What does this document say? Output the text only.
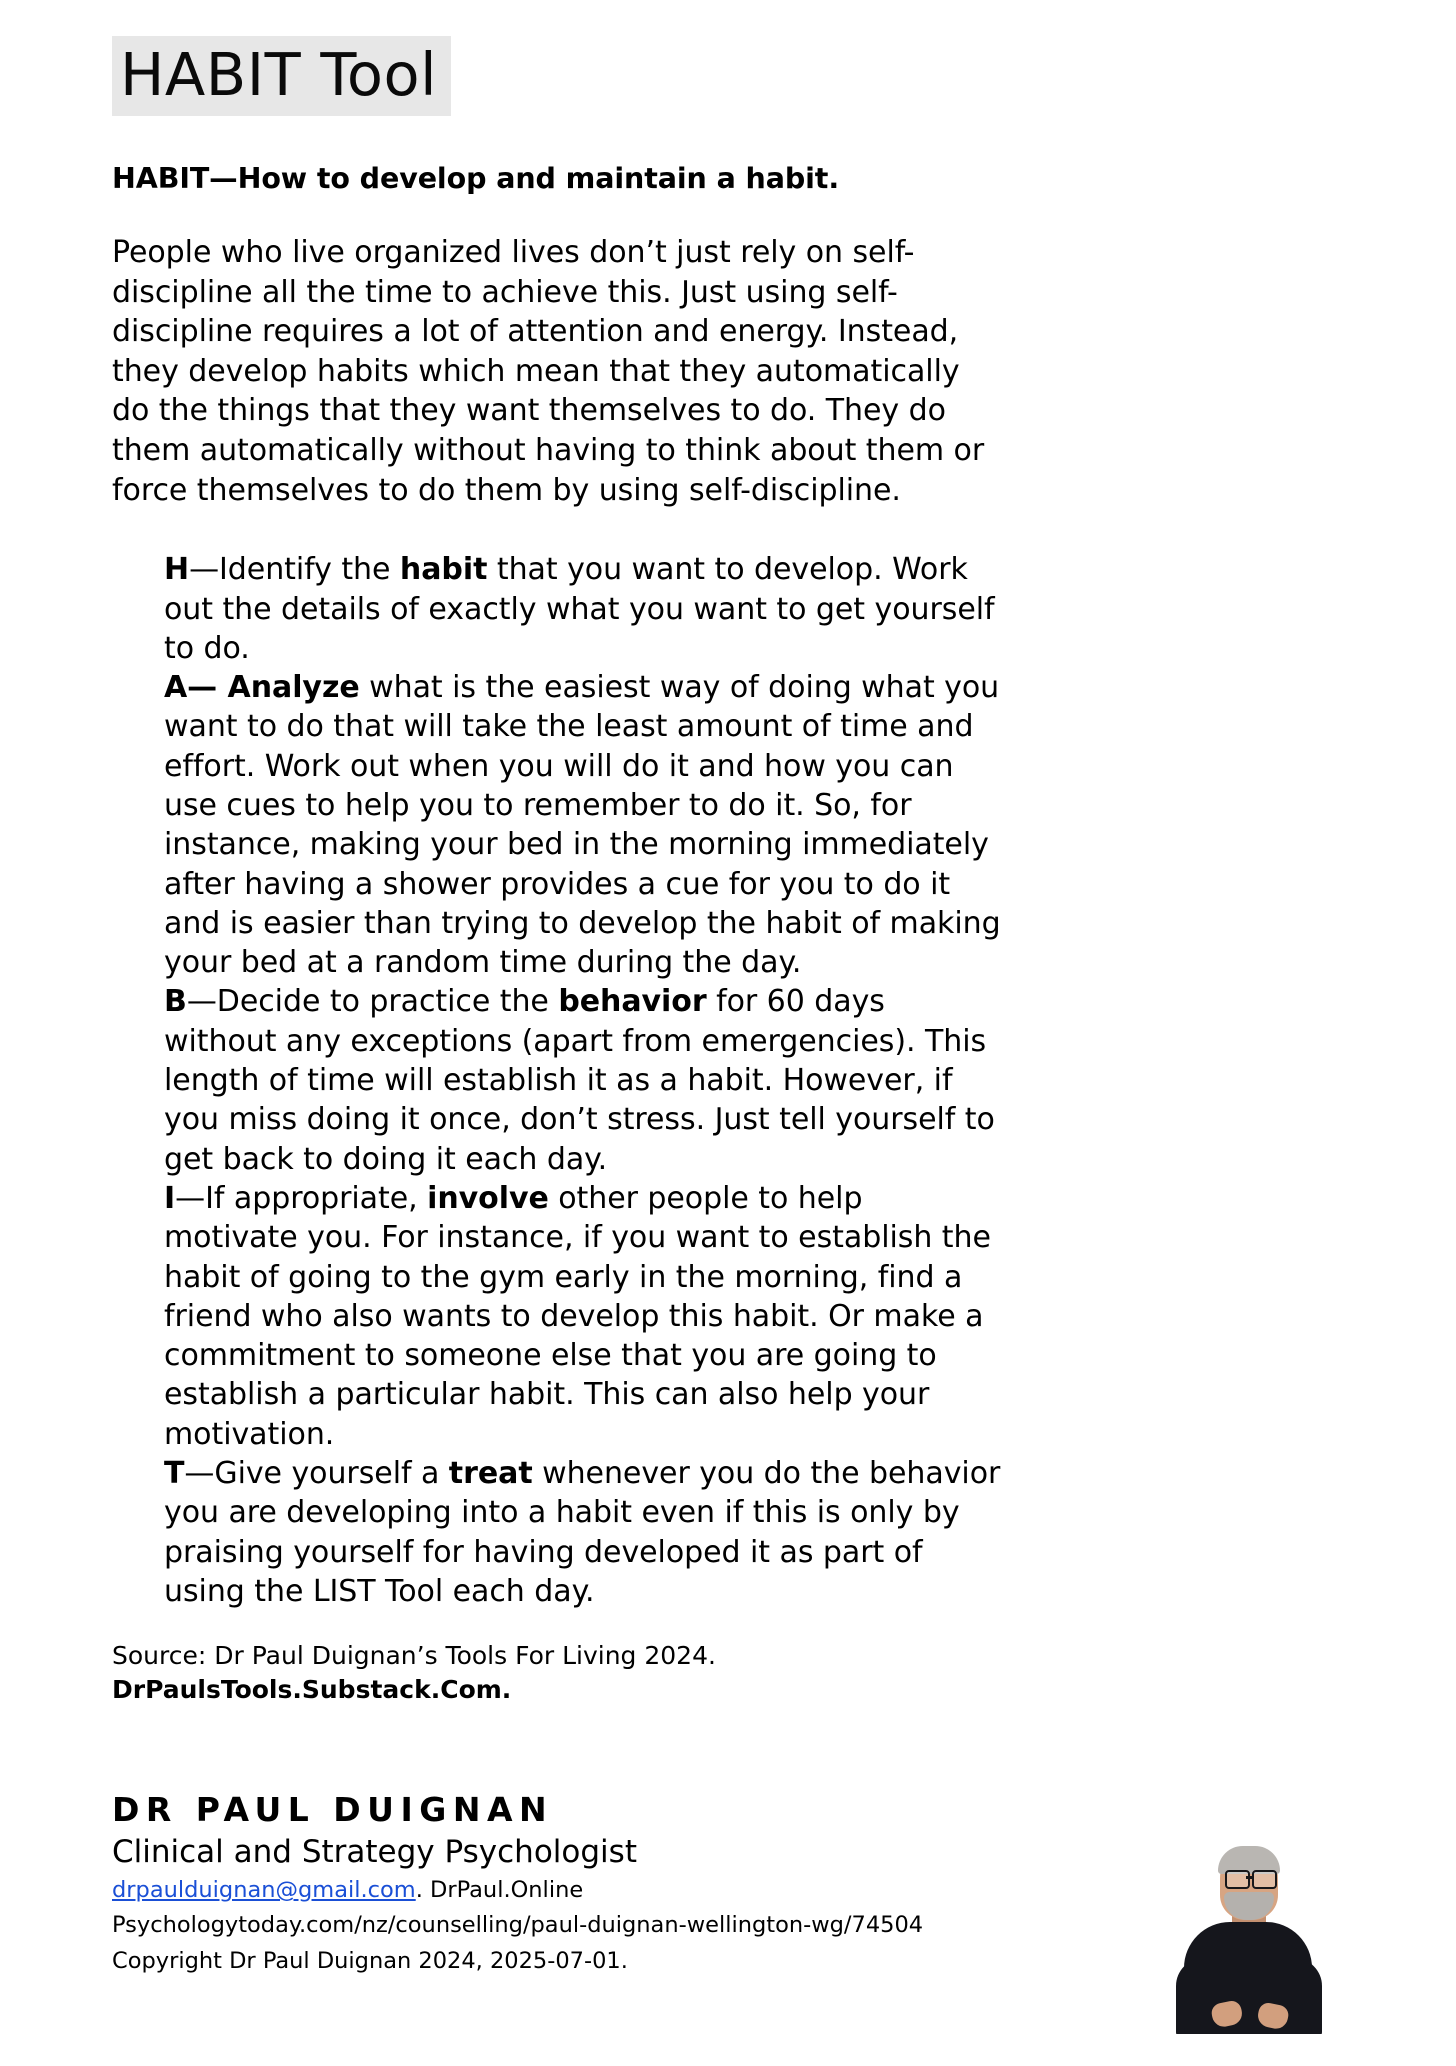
HABIT Tool

HABIT—How to develop and maintain a habit.

People who live organized lives don’t just rely on self-discipline all the time to achieve this. Just using self-discipline requires a lot of attention and energy. Instead, they develop habits which mean that they automatically do the things that they want themselves to do. They do them automatically without having to think about them or force themselves to do them by using self-discipline.

H—Identify the habit that you want to develop. Work out the details of exactly what you want to get yourself to do.

A— Analyze what is the easiest way of doing what you want to do that will take the least amount of time and effort. Work out when you will do it and how you can use cues to help you to remember to do it. So, for instance, making your bed in the morning immediately after having a shower provides a cue for you to do it and is easier than trying to develop the habit of making your bed at a random time during the day.

B—Decide to practice the behavior for 60 days without any exceptions (apart from emergencies). This length of time will establish it as a habit. However, if you miss doing it once, don’t stress. Just tell yourself to get back to doing it each day.

I—If appropriate, involve other people to help motivate you. For instance, if you want to establish the habit of going to the gym early in the morning, find a friend who also wants to develop this habit. Or make a commitment to someone else that you are going to establish a particular habit. This can also help your motivation.

T—Give yourself a treat whenever you do the behavior you are developing into a habit even if this is only by praising yourself for having developed it as part of using the LIST Tool each day.

Source: Dr Paul Duignan’s Tools For Living 2024. DrPaulsTools.Substack.Com.

DR PAUL DUIGNAN

Clinical and Strategy Psychologist

drpaulduignan@gmail.com. DrPaul.Online

Psychologytoday.com/nz/counselling/paul-duignan-wellington-wg/74504

Copyright Dr Paul Duignan 2024, 2025-07-01.
